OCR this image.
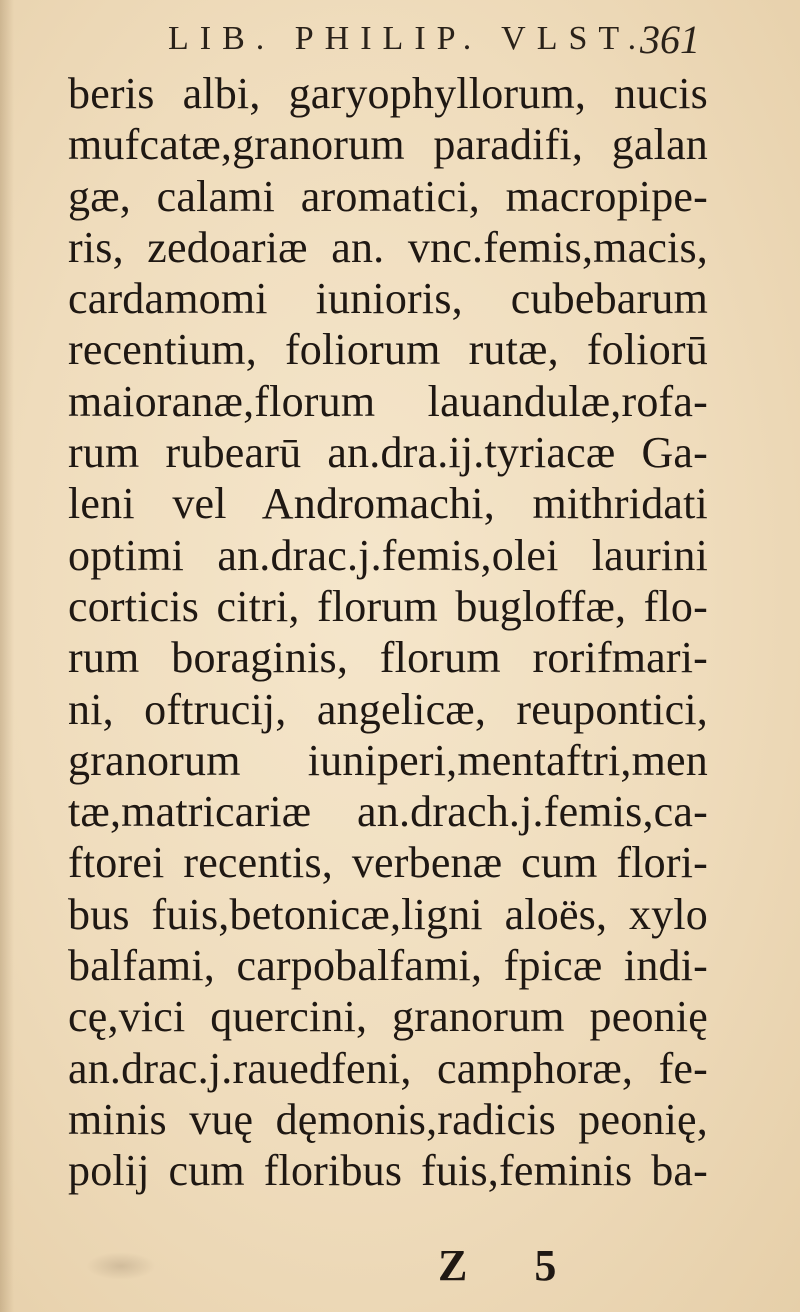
LIB. PHILIP. VLST.
361
beris albi, garyophyllorum, nucis
mufcatæ,granorum paradifi, galan
gæ, calami aromatici, macropipe-
ris, zedoariæ an. vnc.femis,macis,
cardamomi iunioris, cubebarum
recentium, foliorum rutæ, foliorū
maioranæ,florum lauandulæ,rofa-
rum rubearū an.dra.ij.tyriacæ Ga-
leni vel Andromachi, mithridati
optimi an.drac.j.femis,olei laurini
corticis citri, florum bugloffæ, flo-
rum boraginis, florum rorifmari-
ni, oftrucij, angelicæ, reupontici,
granorum iuniperi,mentaftri,men
tæ,matricariæ an.drach.j.femis,ca-
ftorei recentis, verbenæ cum flori-
bus fuis,betonicæ,ligni aloës, xylo
balfami, carpobalfami, fpicæ indi-
cę,vici quercini, granorum peonię
an.drac.j.rauedfeni, camphoræ, fe-
minis vuę dęmonis,radicis peonię,
polij cum floribus fuis,feminis ba-
Z 5
